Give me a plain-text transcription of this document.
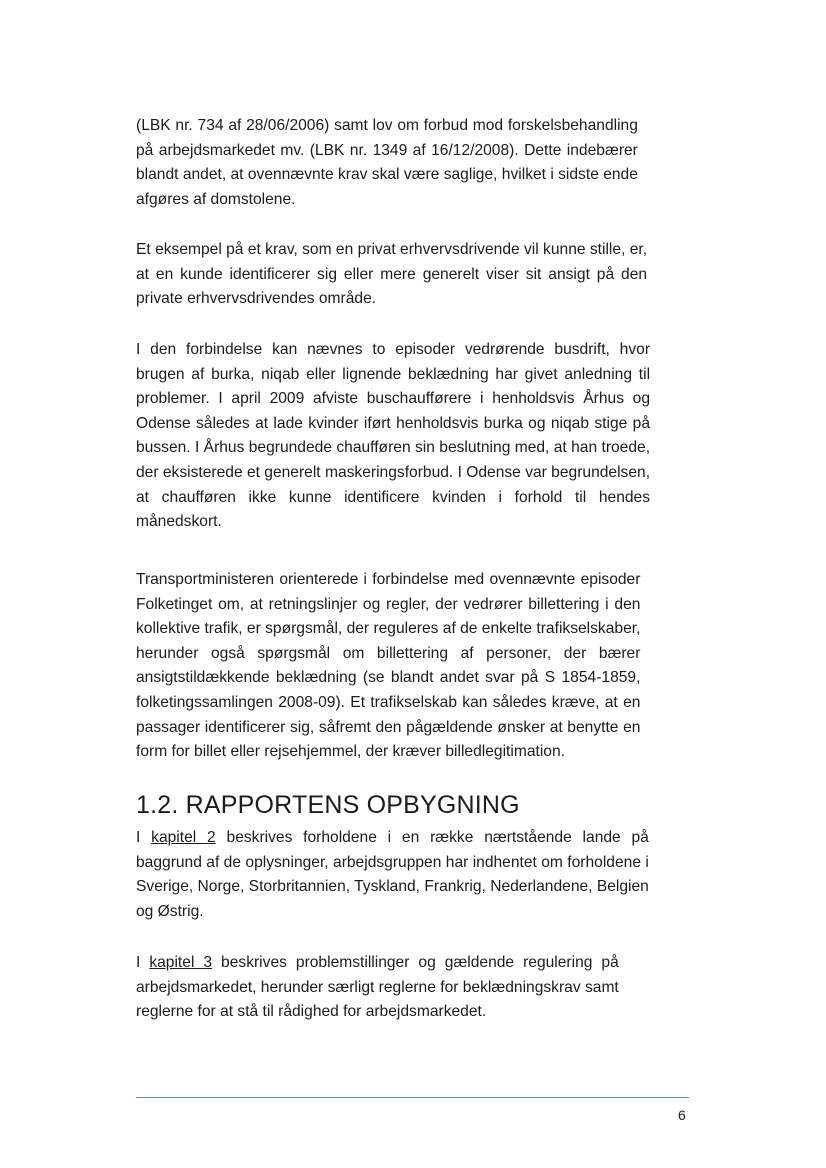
(LBK nr. 734 af 28/06/2006) samt lov om forbud mod forskelsbehandling
på arbejdsmarkedet mv. (LBK nr. 1349 af 16/12/2008). Dette indebærer
blandt andet, at ovennævnte krav skal være saglige, hvilket i sidste ende
afgøres af domstolene.

Et eksempel på et krav, som en privat erhvervsdrivende vil kunne stille, er,
at en kunde identificerer sig eller mere generelt viser sit ansigt på den
private erhvervsdrivendes område.

I den forbindelse kan nævnes to episoder vedrørende busdrift, hvor
brugen af burka, niqab eller lignende beklædning har givet anledning til
problemer. I april 2009 afviste buschaufførere i henholdsvis Århus og
Odense således at lade kvinder iført henholdsvis burka og niqab stige på
bussen. I Århus begrundede chaufføren sin beslutning med, at han troede,
der eksisterede et generelt maskeringsforbud. I Odense var begrundelsen,
at chaufføren ikke kunne identificere kvinden i forhold til hendes
månedskort.

Transportministeren orienterede i forbindelse med ovennævnte episoder
Folketinget om, at retningslinjer og regler, der vedrører billettering i den
kollektive trafik, er spørgsmål, der reguleres af de enkelte trafikselskaber,
herunder også spørgsmål om billettering af personer, der bærer
ansigtstildækkende beklædning (se blandt andet svar på S 1854-1859,
folketingssamlingen 2008-09). Et trafikselskab kan således kræve, at en
passager identificerer sig, såfremt den pågældende ønsker at benytte en
form for billet eller rejsehjemmel, der kræver billedlegitimation.

1.2. RAPPORTENS OPBYGNING

I kapitel 2 beskrives forholdene i en række nærtstående lande på
baggrund af de oplysninger, arbejdsgruppen har indhentet om forholdene i
Sverige, Norge, Storbritannien, Tyskland, Frankrig, Nederlandene, Belgien
og Østrig.

I kapitel 3 beskrives problemstillinger og gældende regulering på
arbejdsmarkedet, herunder særligt reglerne for beklædningskrav samt
reglerne for at stå til rådighed for arbejdsmarkedet.

6
